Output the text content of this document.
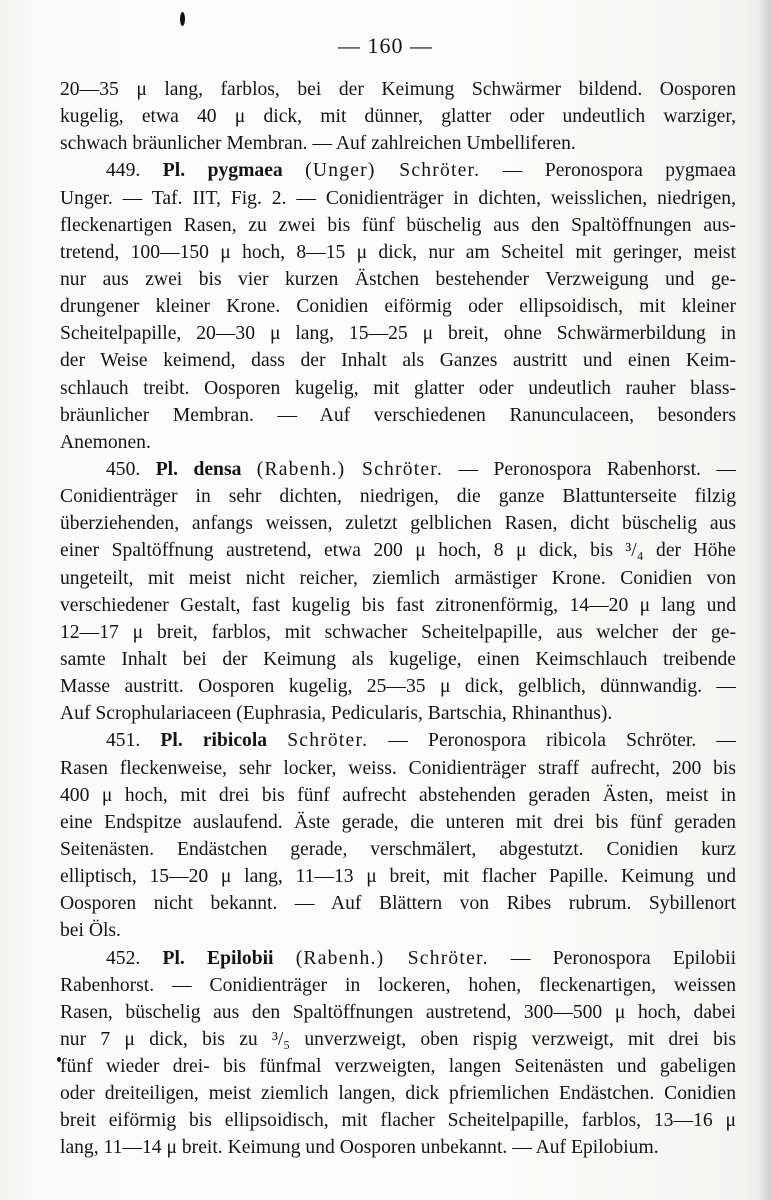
— 160 —
20—35 μ lang, farblos, bei der Keimung Schwärmer bildend. Oosporen
kugelig, etwa 40 μ dick, mit dünner, glatter oder undeutlich warziger,
schwach bräunlicher Membran. — Auf zahlreichen Umbelliferen.
449. Pl. pygmaea (Unger) Schröter. — Peronospora pygmaea
Unger. — Taf. IIT, Fig. 2. — Conidienträger in dichten, weisslichen, niedrigen,
fleckenartigen Rasen, zu zwei bis fünf büschelig aus den Spaltöffnungen aus-
tretend, 100—150 μ hoch, 8—15 μ dick, nur am Scheitel mit geringer, meist
nur aus zwei bis vier kurzen Ästchen bestehender Verzweigung und ge-
drungener kleiner Krone. Conidien eiförmig oder ellipsoidisch, mit kleiner
Scheitelpapille, 20—30 μ lang, 15—25 μ breit, ohne Schwärmerbildung in
der Weise keimend, dass der Inhalt als Ganzes austritt und einen Keim-
schlauch treibt. Oosporen kugelig, mit glatter oder undeutlich rauher blass-
bräunlicher Membran. — Auf verschiedenen Ranunculaceen, besonders
Anemonen.
450. Pl. densa (Rabenh.) Schröter. — Peronospora Rabenhorst. —
Conidienträger in sehr dichten, niedrigen, die ganze Blattunterseite filzig
überziehenden, anfangs weissen, zuletzt gelblichen Rasen, dicht büschelig aus
einer Spaltöffnung austretend, etwa 200 μ hoch, 8 μ dick, bis ³/₄ der Höhe
ungeteilt, mit meist nicht reicher, ziemlich armästiger Krone. Conidien von
verschiedener Gestalt, fast kugelig bis fast zitronenförmig, 14—20 μ lang und
12—17 μ breit, farblos, mit schwacher Scheitelpapille, aus welcher der ge-
samte Inhalt bei der Keimung als kugelige, einen Keimschlauch treibende
Masse austritt. Oosporen kugelig, 25—35 μ dick, gelblich, dünnwandig. —
Auf Scrophulariaceen (Euphrasia, Pedicularis, Bartschia, Rhinanthus).
451. Pl. ribicola Schröter. — Peronospora ribicola Schröter. —
Rasen fleckenweise, sehr locker, weiss. Conidienträger straff aufrecht, 200 bis
400 μ hoch, mit drei bis fünf aufrecht abstehenden geraden Ästen, meist in
eine Endspitze auslaufend. Äste gerade, die unteren mit drei bis fünf geraden
Seitenästen. Endästchen gerade, verschmälert, abgestutzt. Conidien kurz
elliptisch, 15—20 μ lang, 11—13 μ breit, mit flacher Papille. Keimung und
Oosporen nicht bekannt. — Auf Blättern von Ribes rubrum. Sybillenort
bei Öls.
452. Pl. Epilobii (Rabenh.) Schröter. — Peronospora Epilobii
Rabenhorst. — Conidienträger in lockeren, hohen, fleckenartigen, weissen
Rasen, büschelig aus den Spaltöffnungen austretend, 300—500 μ hoch, dabei
nur 7 μ dick, bis zu ³/₅ unverzweigt, oben rispig verzweigt, mit drei bis
fünf wieder drei- bis fünfmal verzweigten, langen Seitenästen und gabeligen
oder dreiteiligen, meist ziemlich langen, dick pfriemlichen Endästchen. Conidien
breit eiförmig bis ellipsoidisch, mit flacher Scheitelpapille, farblos, 13—16 μ
lang, 11—14 μ breit. Keimung und Oosporen unbekannt. — Auf Epilobium.
